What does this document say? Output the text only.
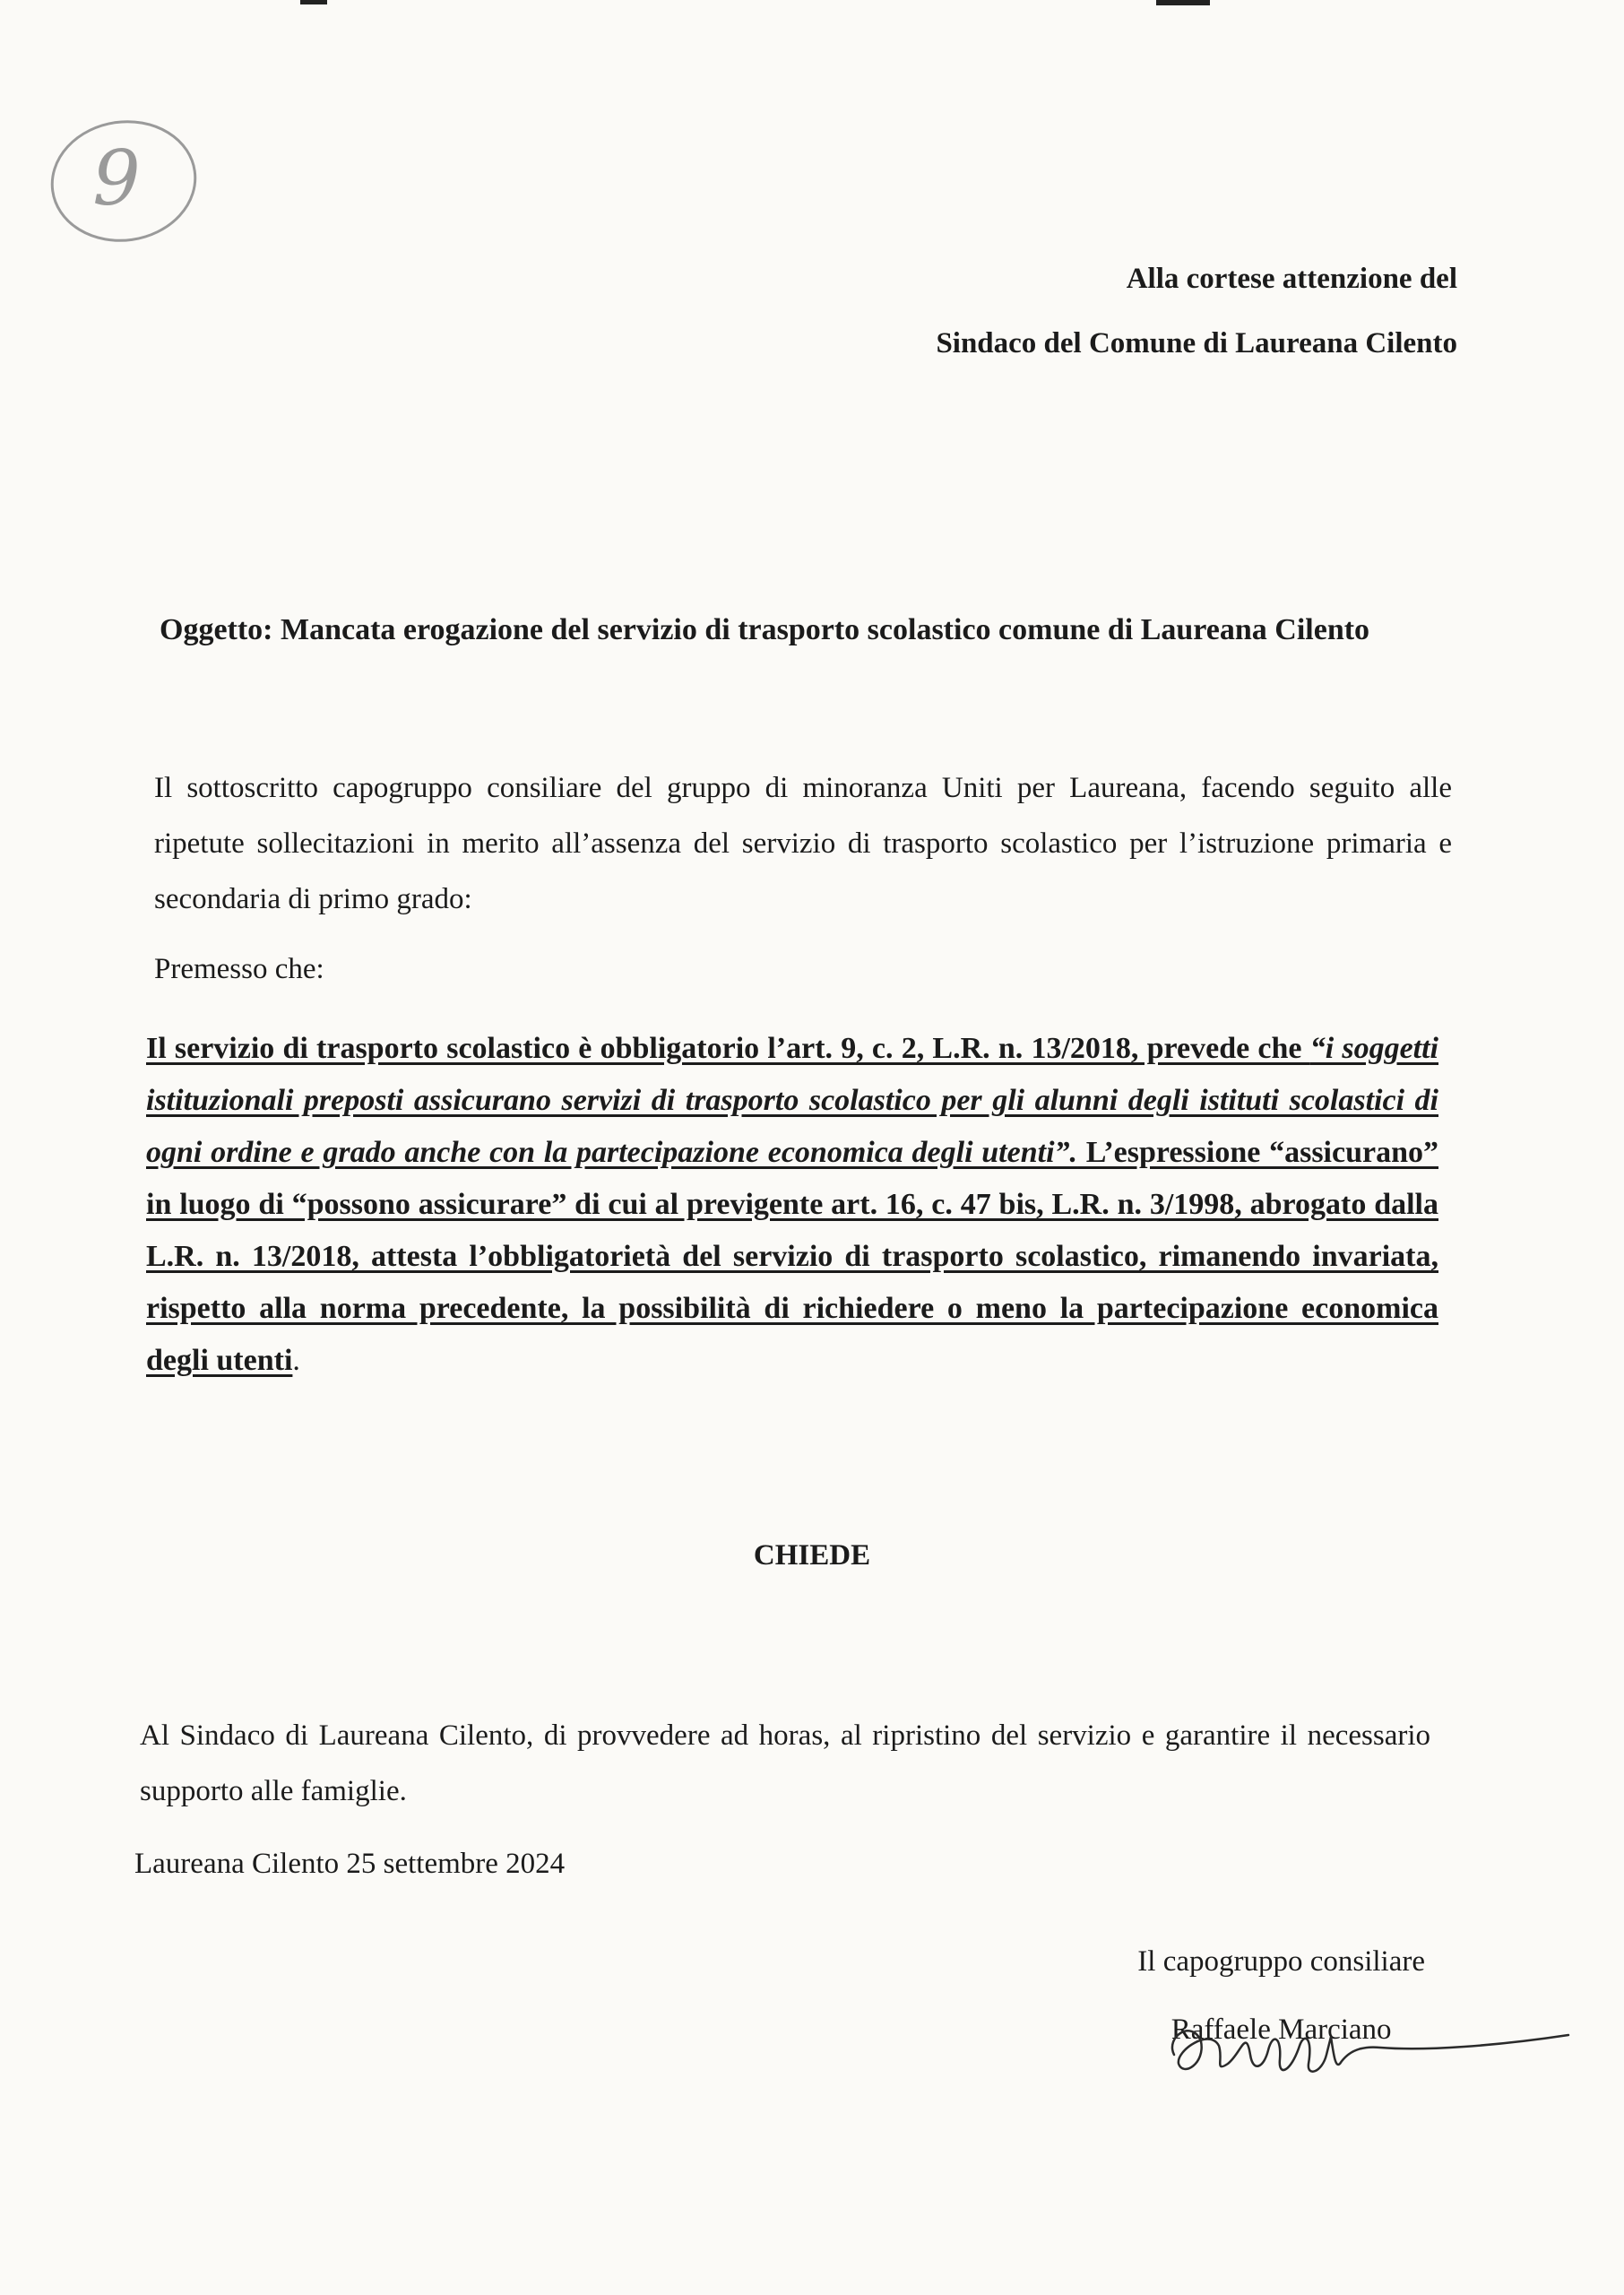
9
Alla cortese attenzione del
Sindaco del Comune di Laureana Cilento
Oggetto: Mancata erogazione del servizio di trasporto scolastico comune di Laureana Cilento
Il sottoscritto capogruppo consiliare del gruppo di minoranza Uniti per Laureana, facendo seguito alle ripetute sollecitazioni in merito all’assenza del servizio di trasporto scolastico per l’istruzione primaria e secondaria di primo grado:
Premesso che:
Il servizio di trasporto scolastico è obbligatorio l’art. 9, c. 2, L.R. n. 13/2018, prevede che “i soggetti istituzionali preposti assicurano servizi di trasporto scolastico per gli alunni degli istituti scolastici di ogni ordine e grado anche con la partecipazione economica degli utenti”. L’espressione “assicurano” in luogo di “possono assicurare” di cui al previgente art. 16, c. 47 bis, L.R. n. 3/1998, abrogato dalla L.R. n. 13/2018, attesta l’obbligatorietà del servizio di trasporto scolastico, rimanendo invariata, rispetto alla norma precedente, la possibilità di richiedere o meno la partecipazione economica degli utenti.
CHIEDE
Al Sindaco di Laureana Cilento, di provvedere ad horas, al ripristino del servizio e garantire il necessario supporto alle famiglie.
Laureana Cilento 25 settembre 2024
Il capogruppo consiliare
Raffaele Marciano
